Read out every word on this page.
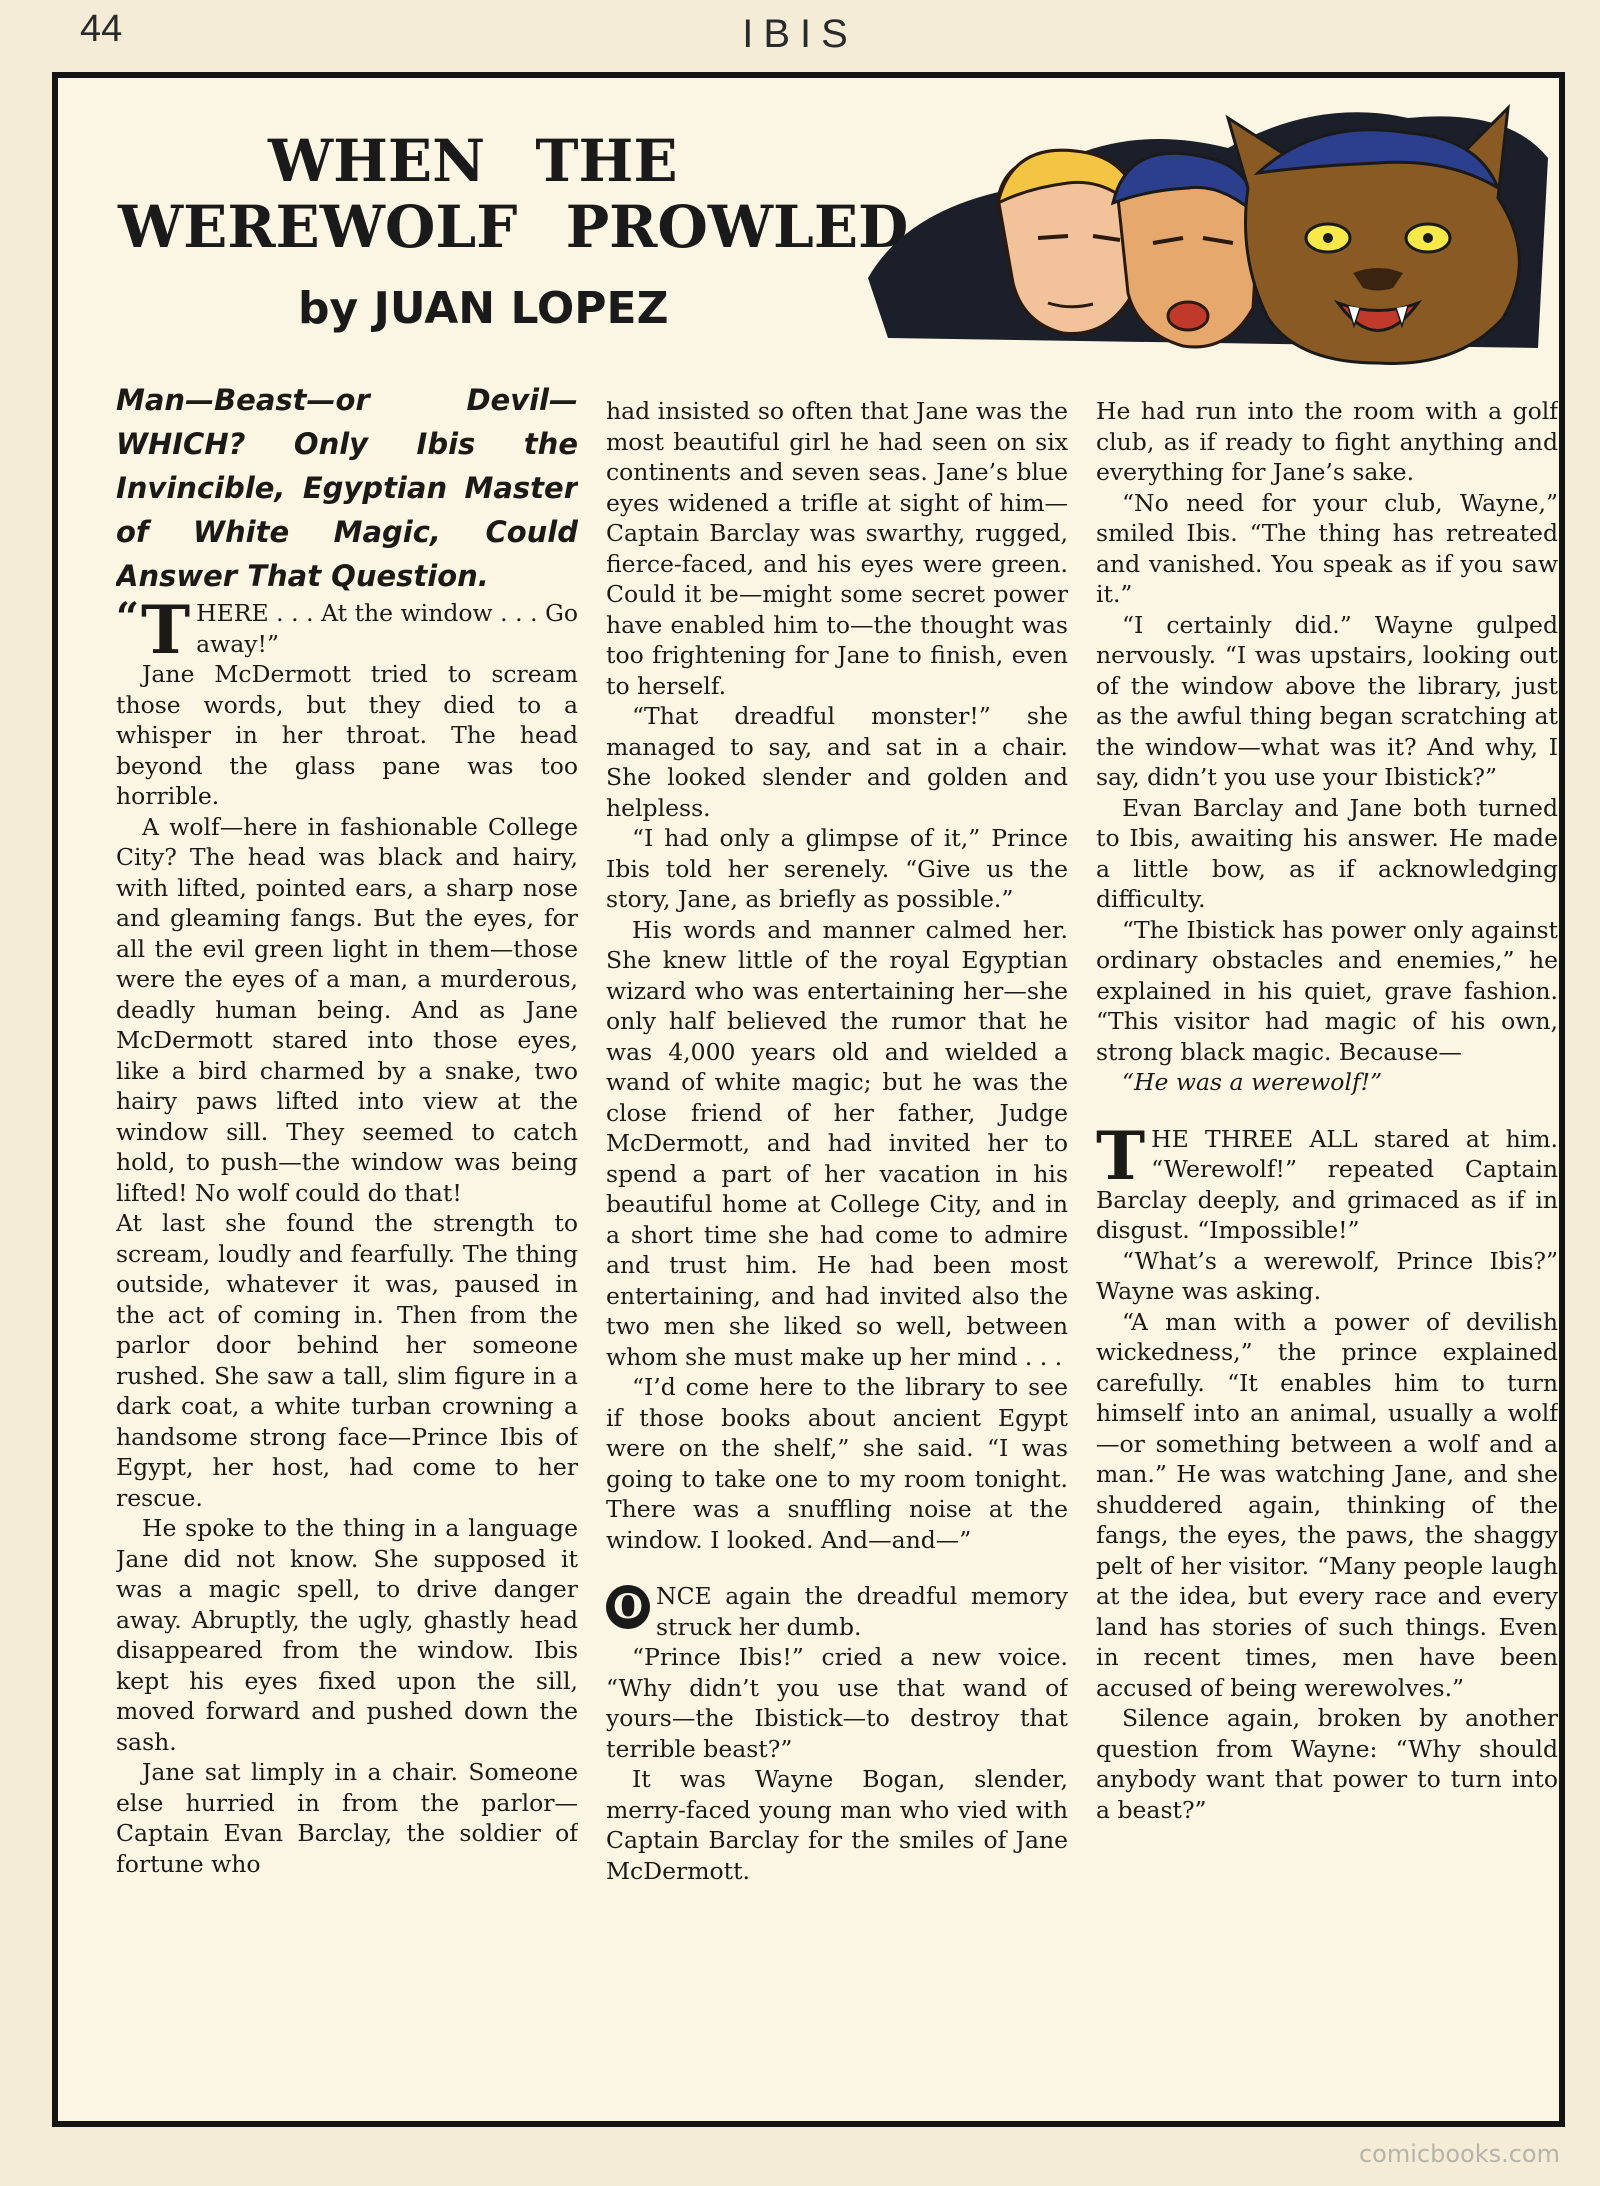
44	IBIS
WHEN THE
WEREWOLF PROWLED
by JUAN LOPEZ

Man—Beast—or Devil—WHICH? Only Ibis the Invincible, Egyptian Master of White Magic, Could Answer That Question.

“ T HERE . . . At the window . . . Go away!”

Jane McDermott tried to scream those words, but they died to a whisper in her throat. The head beyond the glass pane was too horrible.

A wolf—here in fashionable College City? The head was black and hairy, with lifted, pointed ears, a sharp nose and gleaming fangs. But the eyes, for all the evil green light in them—those were the eyes of a man, a murderous, deadly human being. And as Jane McDermott stared into those eyes, like a bird charmed by a snake, two hairy paws lifted into view at the window sill. They seemed to catch hold, to push—the window was being lifted! No wolf could do that!

At last she found the strength to scream, loudly and fearfully. The thing outside, whatever it was, paused in the act of coming in. Then from the parlor door behind her someone rushed. She saw a tall, slim figure in a dark coat, a white turban crowning a handsome strong face—Prince Ibis of Egypt, her host, had come to her rescue.

He spoke to the thing in a language Jane did not know. She supposed it was a magic spell, to drive danger away. Abruptly, the ugly, ghastly head disappeared from the window. Ibis kept his eyes fixed upon the sill, moved forward and pushed down the sash.

Jane sat limply in a chair. Someone else hurried in from the parlor—Captain Evan Barclay, the soldier of fortune who

had insisted so often that Jane was the most beautiful girl he had seen on six continents and seven seas. Jane’s blue eyes widened a trifle at sight of him—Captain Barclay was swarthy, rugged, fierce-faced, and his eyes were green. Could it be—might some secret power have enabled him to—the thought was too frightening for Jane to finish, even to herself.

“That dreadful monster!” she managed to say, and sat in a chair. She looked slender and golden and helpless.

“I had only a glimpse of it,” Prince Ibis told her serenely. “Give us the story, Jane, as briefly as possible.”

His words and manner calmed her. She knew little of the royal Egyptian wizard who was entertaining her—she only half believed the rumor that he was 4,000 years old and wielded a wand of white magic; but he was the close friend of her father, Judge McDermott, and had invited her to spend a part of her vacation in his beautiful home at College City, and in a short time she had come to admire and trust him. He had been most entertaining, and had invited also the two men she liked so well, between whom she must make up her mind . . .

“I’d come here to the library to see if those books about ancient Egypt were on the shelf,” she said. “I was going to take one to my room tonight. There was a snuffling noise at the window. I looked. And—and—”

O NCE again the dreadful memory struck her dumb.

“Prince Ibis!” cried a new voice. “Why didn’t you use that wand of yours—the Ibistick—to destroy that terrible beast?”

It was Wayne Bogan, slender, merry-faced young man who vied with Captain Barclay for the smiles of Jane McDermott.

He had run into the room with a golf club, as if ready to fight anything and everything for Jane’s sake.

“No need for your club, Wayne,” smiled Ibis. “The thing has retreated and vanished. You speak as if you saw it.”

“I certainly did.” Wayne gulped nervously. “I was upstairs, looking out of the window above the library, just as the awful thing began scratching at the window—what was it? And why, I say, didn’t you use your Ibistick?”

Evan Barclay and Jane both turned to Ibis, awaiting his answer. He made a little bow, as if acknowledging difficulty.

“The Ibistick has power only against ordinary obstacles and enemies,” he explained in his quiet, grave fashion. “This visitor had magic of his own, strong black magic. Because—

“He was a werewolf!”

T HE THREE ALL stared at him. “Werewolf!” repeated Captain Barclay deeply, and grimaced as if in disgust. “Impossible!”

“What’s a werewolf, Prince Ibis?” Wayne was asking.

“A man with a power of devilish wickedness,” the prince explained carefully. “It enables him to turn himself into an animal, usually a wolf—or something between a wolf and a man.” He was watching Jane, and she shuddered again, thinking of the fangs, the eyes, the paws, the shaggy pelt of her visitor. “Many people laugh at the idea, but every race and every land has stories of such things. Even in recent times, men have been accused of being werewolves.”

Silence again, broken by another question from Wayne: “Why should anybody want that power to turn into a beast?”

comicbooks.com
